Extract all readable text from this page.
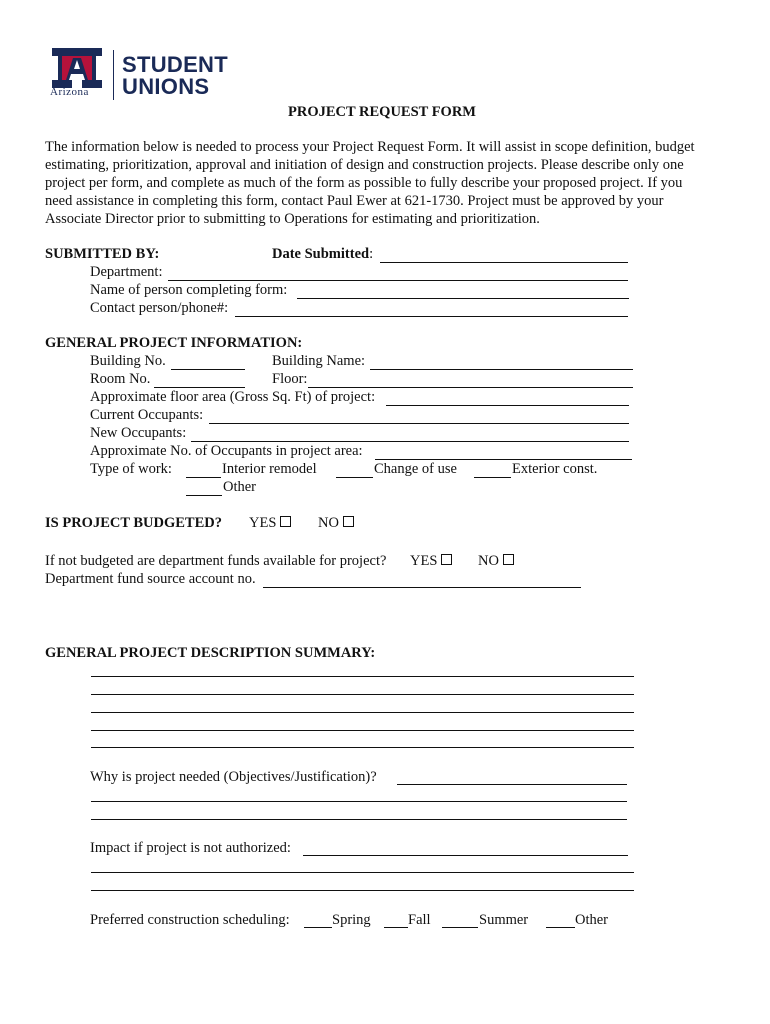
Arizona
STUDENT
UNIONS
PROJECT REQUEST FORM
The information below is needed to process your Project Request Form. It will assist in scope definition, budget estimating, prioritization, approval and initiation of design and construction projects. Please describe only one project per form, and complete as much of the form as possible to fully describe your proposed project. If you need assistance in completing this form, contact Paul Ewer at 621-1730. Project must be approved by your Associate Director prior to submitting to Operations for estimating and prioritization.
SUBMITTED BY:	Date Submitted:
Department:
Name of person completing form:
Contact person/phone#:
GENERAL PROJECT INFORMATION:
Building No.	Building Name:
Room No.	Floor:
Approximate floor area (Gross Sq. Ft) of project:
Current Occupants:
New Occupants:
Approximate No. of Occupants in project area:
Type of work:	Interior remodel	Change of use	Exterior const.
Other
IS PROJECT BUDGETED? YES	NO
If not budgeted are department funds available for project? YES	NO
Department fund source account no.
GENERAL PROJECT DESCRIPTION SUMMARY:
Why is project needed (Objectives/Justification)?
Impact if project is not authorized:
Preferred construction scheduling:	Spring	Fall	Summer	Other
